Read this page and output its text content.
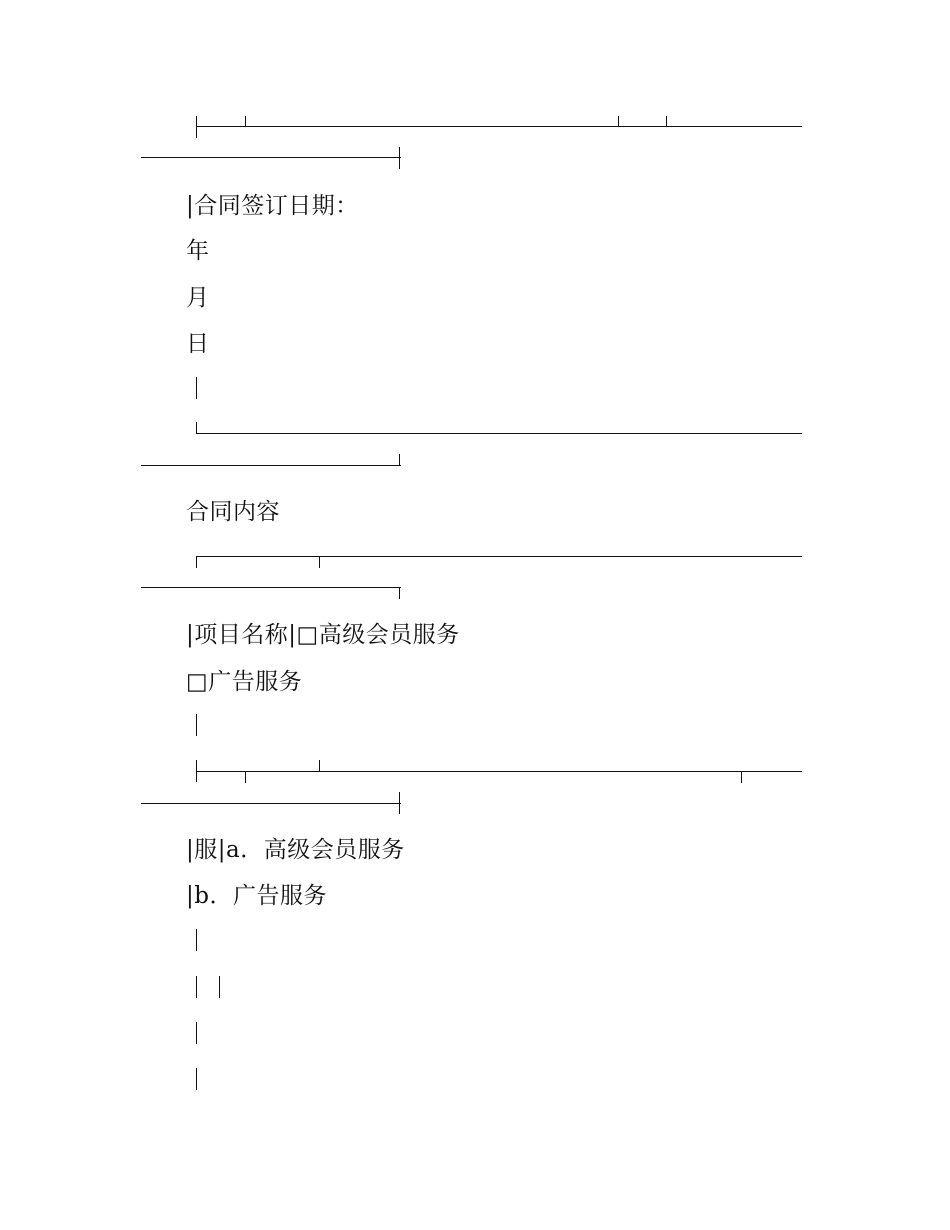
|合同签订日期：
年
月
日
合同内容
|项目名称|□高级会员服务
□广告服务
|服|a．高级会员服务
|b．广告服务
